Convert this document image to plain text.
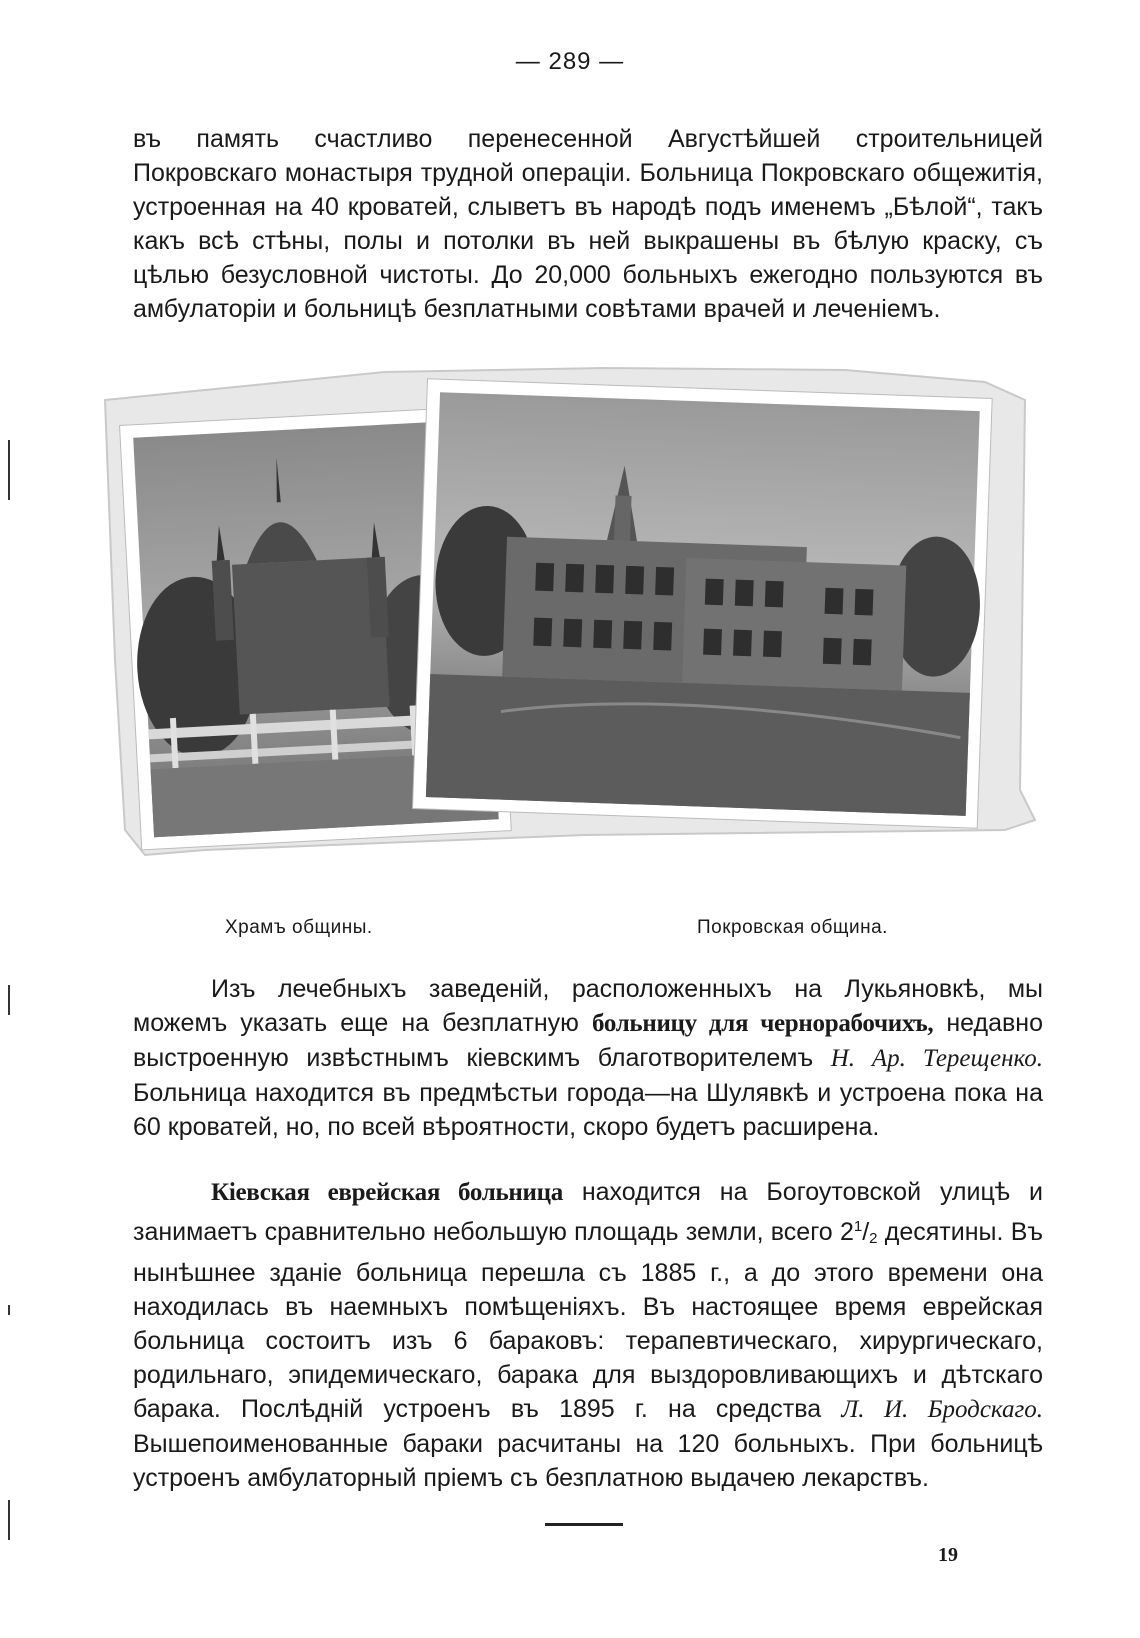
— 289 —

въ память счастливо перенесенной Августѣйшей строительницей Покровскаго монастыря трудной операціи. Больница Покровскаго общежитія, устроенная на 40 кроватей, слыветъ въ народѣ подъ именемъ „Бѣлой“, такъ какъ всѣ стѣны, полы и потолки въ ней выкрашены въ бѣлую краску, съ цѣлью безусловной чистоты. До 20,000 больныхъ ежегодно пользуются въ амбулаторіи и больницѣ безплатными совѣтами врачей и леченіемъ.

Храмъ общины.	Покровская община.

Изъ лечебныхъ заведеній, расположенныхъ на Лукьяновкѣ, мы можемъ указать еще на безплатную больницу для чернорабочихъ, недавно выстроенную извѣстнымъ кіевскимъ благотворителемъ Н. Ар. Терещенко. Больница находится въ предмѣстьи города—на Шулявкѣ и устроена пока на 60 кроватей, но, по всей вѣроятности, скоро будетъ расширена.

Кіевская еврейская больница находится на Богоутовской улицѣ и занимаетъ сравнительно небольшую площадь земли, всего $2^1/_2$ десятины. Въ нынѣшнее зданіе больница перешла съ 1885 г., а до этого времени она находилась въ наемныхъ помѣщеніяхъ. Въ настоящее время еврейская больница состоитъ изъ 6 бараковъ: терапевтическаго, хирургическаго, родильнаго, эпидемическаго, барака для выздоровливающихъ и дѣтскаго барака. Послѣдній устроенъ въ 1895 г. на средства Л. И. Бродскаго. Вышепоименованные бараки расчитаны на 120 больныхъ. При больницѣ устроенъ амбулаторный пріемъ съ безплатною выдачею лекарствъ.

19
